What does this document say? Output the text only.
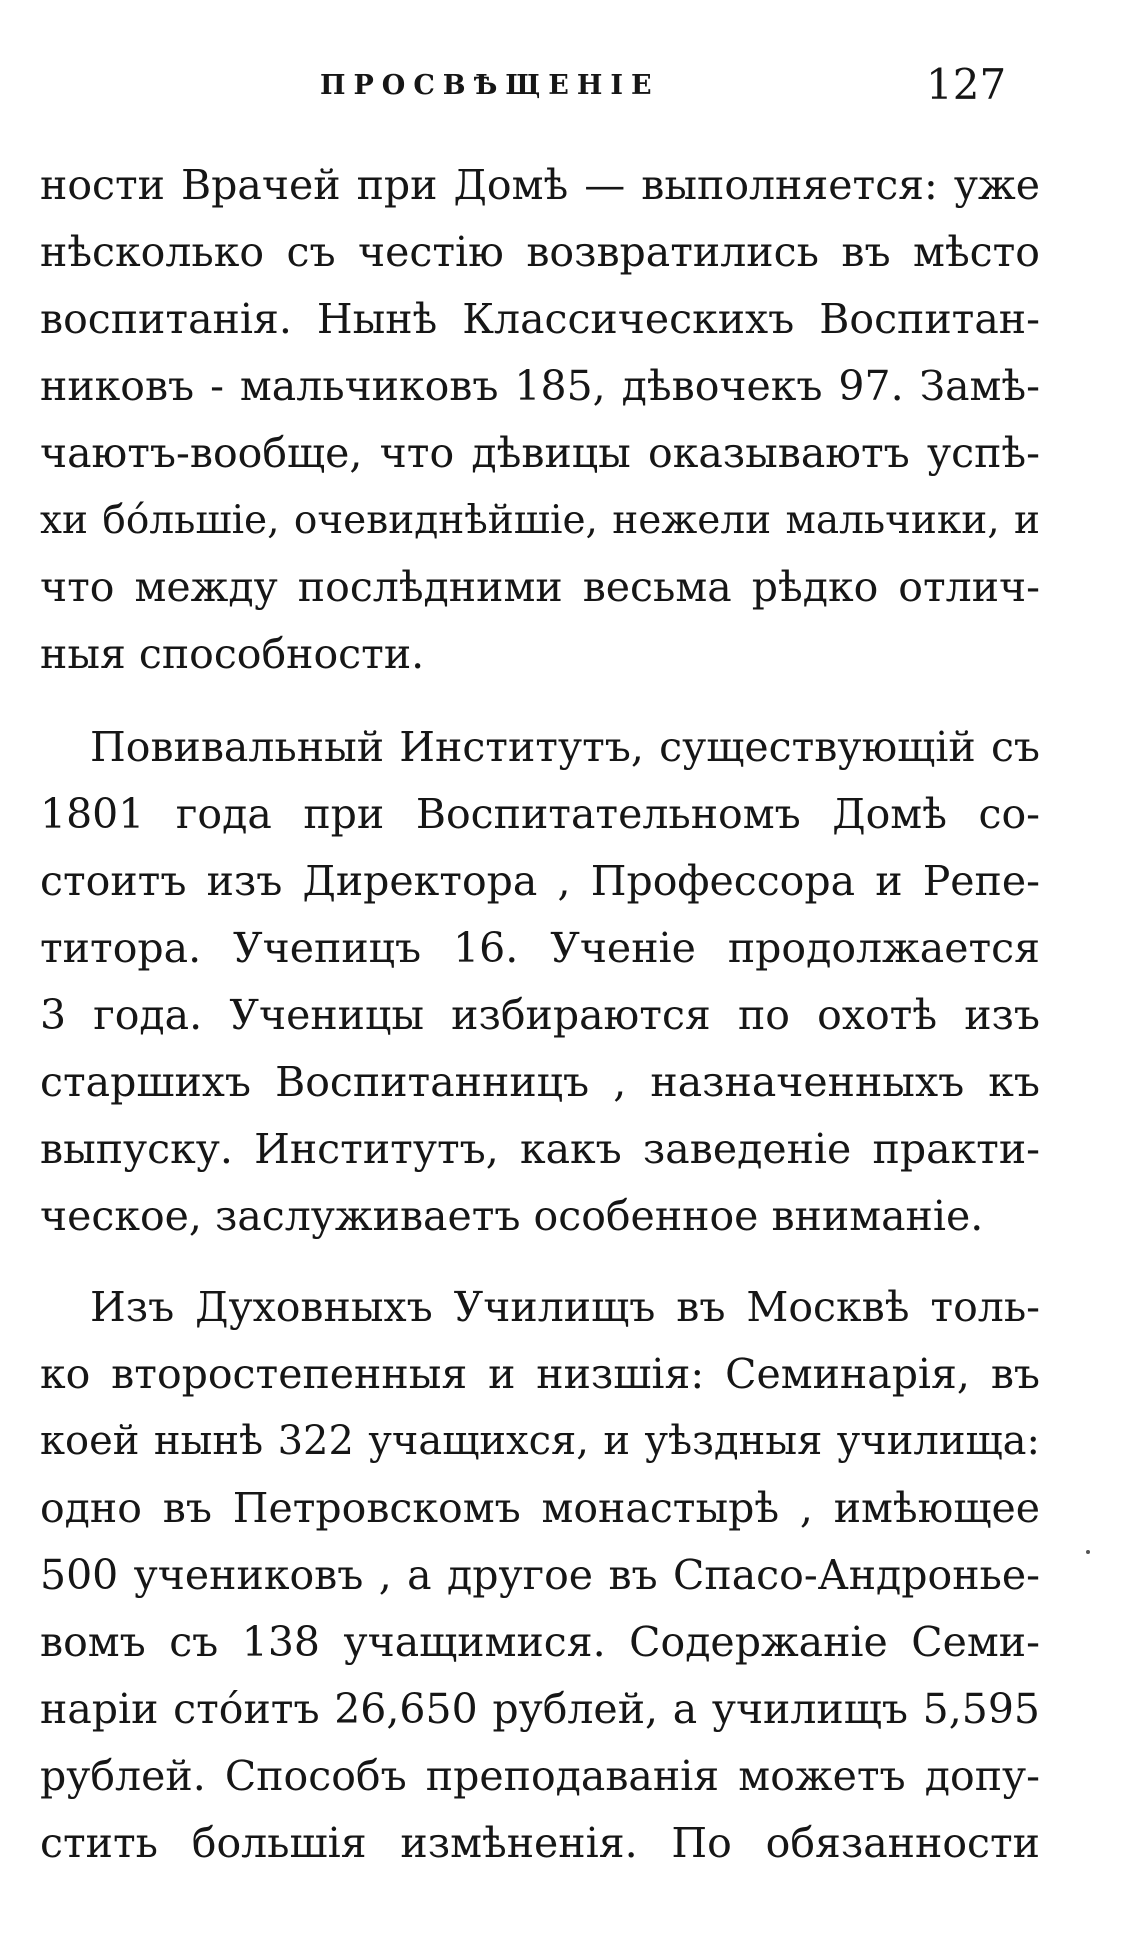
ПРОСВѢЩЕНІЕ	127
ности Врачей при Домѣ — выполняется: уже
нѣсколько съ честію возвратились въ мѣсто
воспитанія. Нынѣ Классическихъ Воспитан-
никовъ - мальчиковъ 185, дѣвочекъ 97. Замѣ-
чаютъ-вообще, что дѣвицы оказываютъ успѣ-
хи бóльшіе, очевиднѣйшіе, нежели мальчики, и
что между послѣдними весьма рѣдко отлич-
ныя способности.
Повивальный Институтъ, существующій съ
1801 года при Воспитательномъ Домѣ со-
стоитъ изъ Директора , Профессора и Репе-
титора. Учепицъ 16. Ученіе продолжается
3 года. Ученицы избираются по охотѣ изъ
старшихъ Воспитанницъ , назначенныхъ къ
выпуску. Институтъ, какъ заведеніе практи-
ческое, заслуживаетъ особенное вниманіе.
Изъ Духовныхъ Училищъ въ Москвѣ толь-
ко второстепенныя и низшія: Семинарія, въ
коей нынѣ 322 учащихся, и уѣздныя училища:
одно въ Петровскомъ монастырѣ , имѣющее
500 учениковъ , а другое въ Спасо-Андроньe-
вомъ съ 138 учащимися. Содержаніе Семи-
наріи стóитъ 26,650 рублей, а училищъ 5,595
рублей. Способъ преподаванія можетъ допу-
стить большія измѣненія. По обязанности
